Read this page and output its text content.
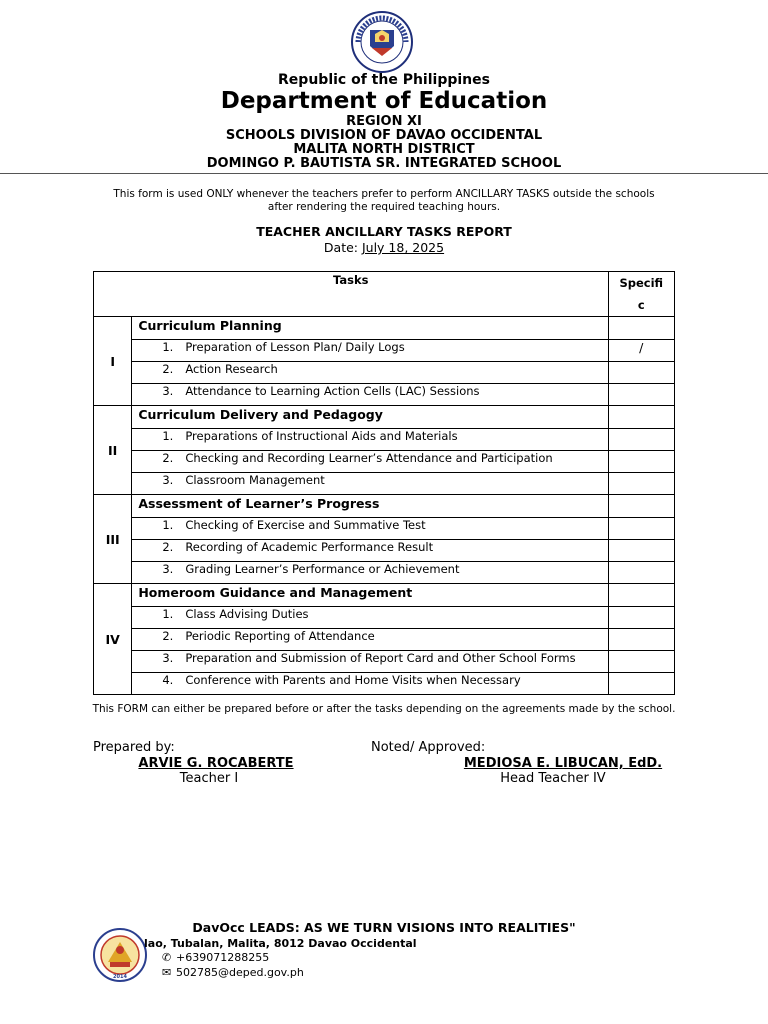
Republic of the Philippines
Department of Education
REGION XI
SCHOOLS DIVISION OF DAVAO OCCIDENTAL
MALITA NORTH DISTRICT
DOMINGO P. BAUTISTA SR. INTEGRATED SCHOOL
This form is used ONLY whenever the teachers prefer to perform ANCILLARY TASKS outside the schools after rendering the required teaching hours.
TEACHER ANCILLARY TASKS REPORT
Date: July 18, 2025
Tasks		Specifi
c
I	Curriculum Planning	
	1. Preparation of Lesson Plan/ Daily Logs	/
	2. Action Research	
	3. Attendance to Learning Action Cells (LAC) Sessions	
II	Curriculum Delivery and Pedagogy	
	1. Preparations of Instructional Aids and Materials	
	2. Checking and Recording Learner’s Attendance and Participation	
	3. Classroom Management	
III	Assessment of Learner’s Progress	
	1. Checking of Exercise and Summative Test	
	2. Recording of Academic Performance Result	
	3. Grading Learner’s Performance or Achievement	
IV	Homeroom Guidance and Management	
	1. Class Advising Duties	
	2. Periodic Reporting of Attendance	
	3. Preparation and Submission of Report Card and Other School Forms	
	4. Conference with Parents and Home Visits when Necessary	
This FORM can either be prepared before or after the tasks depending on the agreements made by the school.
Prepared by:
ARVIE G. ROCABERTE
Teacher I
Noted/ Approved:
MEDIOSA E. LIBUCAN, EdD.
Head Teacher IV
DavOcc LEADS: AS WE TURN VISIONS INTO REALITIES"
2014
lao, Tubalan, Malita, 8012 Davao Occidental
✆ +639071288255
✉ 502785@deped.gov.ph
